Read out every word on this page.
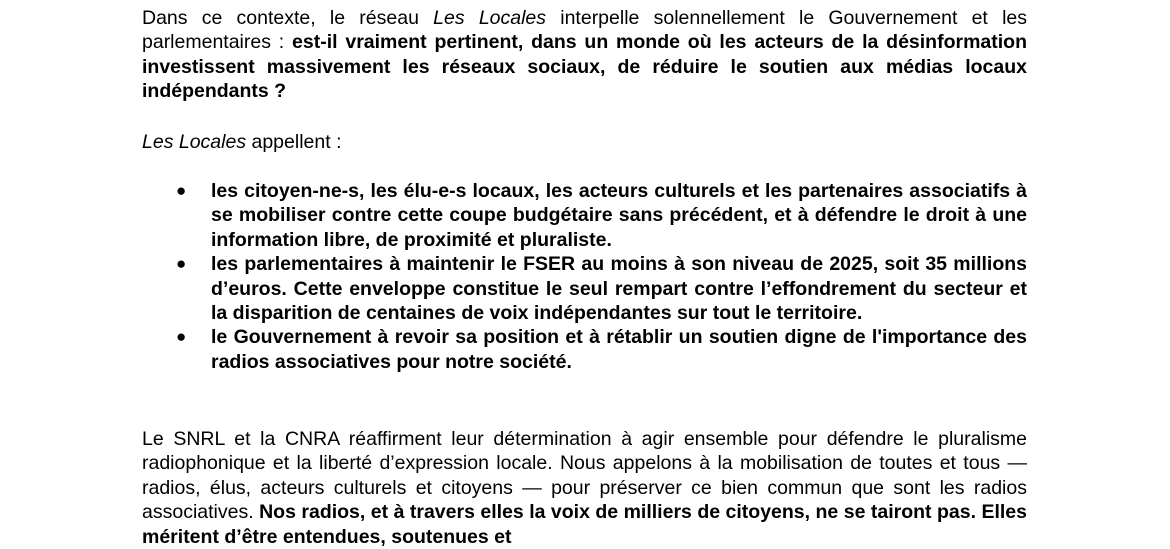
Dans ce contexte, le réseau Les Locales interpelle solennellement le Gouvernement et les parlementaires : est-il vraiment pertinent, dans un monde où les acteurs de la désinformation investissent massivement les réseaux sociaux, de réduire le soutien aux médias locaux indépendants ?

Les Locales appellent :

● les citoyen-ne-s, les élu-e-s locaux, les acteurs culturels et les partenaires associatifs à se mobiliser contre cette coupe budgétaire sans précédent, et à défendre le droit à une information libre, de proximité et pluraliste.
● les parlementaires à maintenir le FSER au moins à son niveau de 2025, soit 35 millions d’euros. Cette enveloppe constitue le seul rempart contre l’effondrement du secteur et la disparition de centaines de voix indépendantes sur tout le territoire.
● le Gouvernement à revoir sa position et à rétablir un soutien digne de l'importance des radios associatives pour notre société.

Le SNRL et la CNRA réaffirment leur détermination à agir ensemble pour défendre le pluralisme radiophonique et la liberté d’expression locale. Nous appelons à la mobilisation de toutes et tous — radios, élus, acteurs culturels et citoyens — pour préserver ce bien commun que sont les radios associatives. Nos radios, et à travers elles la voix de milliers de citoyens, ne se tairont pas. Elles méritent d’être entendues, soutenues et
